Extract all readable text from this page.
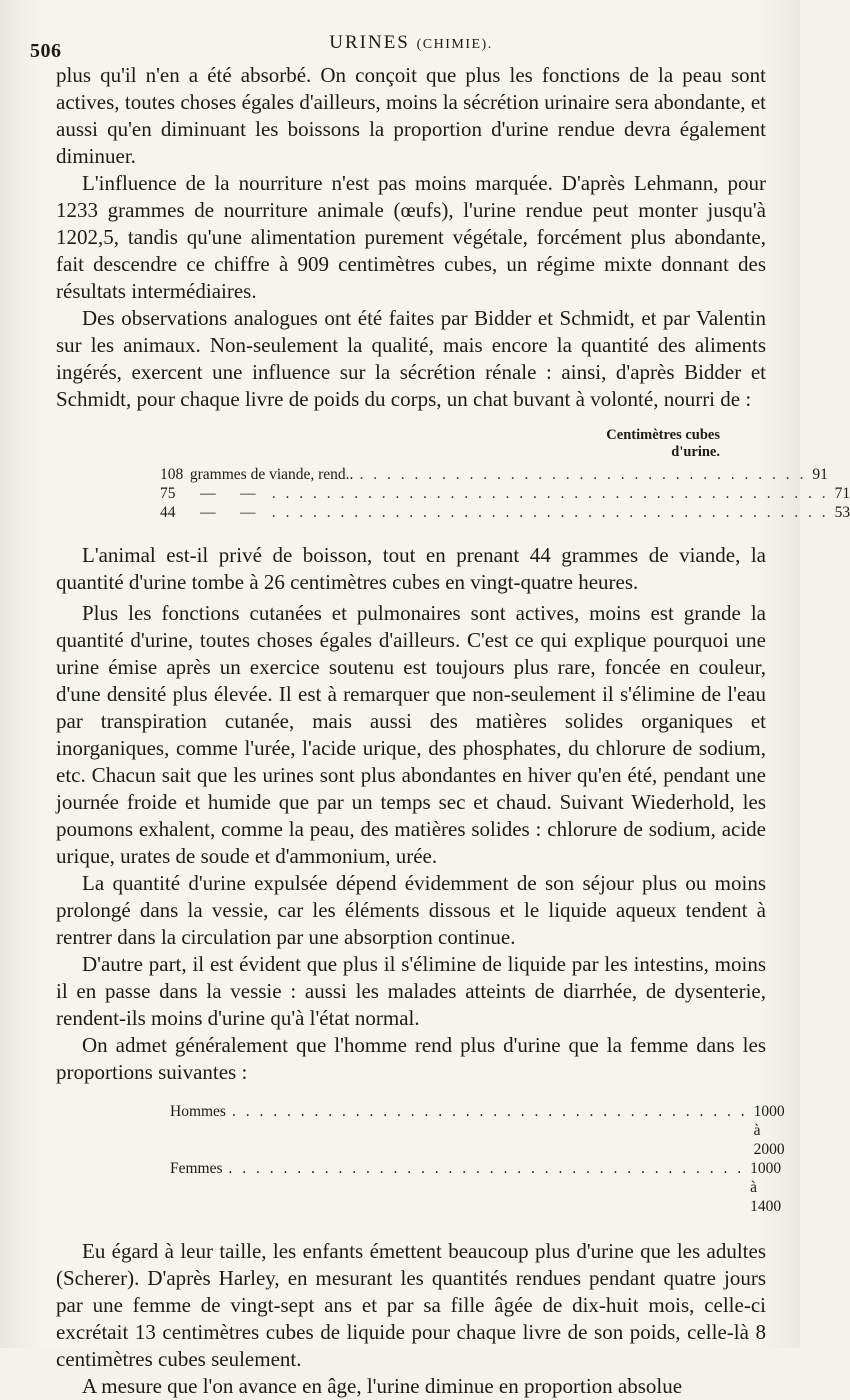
506	URINES (CHIMIE).

plus qu'il n'en a été absorbé. On conçoit que plus les fonctions de la peau sont actives, toutes choses égales d'ailleurs, moins la sécrétion urinaire sera abondante, et aussi qu'en diminuant les boissons la proportion d'urine rendue devra également diminuer.

L'influence de la nourriture n'est pas moins marquée. D'après Lehmann, pour 1233 grammes de nourriture animale (œufs), l'urine rendue peut monter jusqu'à 1202,5, tandis qu'une alimentation purement végétale, forcément plus abondante, fait descendre ce chiffre à 909 centimètres cubes, un régime mixte donnant des résultats intermédiaires.

Des observations analogues ont été faites par Bidder et Schmidt, et par Valentin sur les animaux. Non-seulement la qualité, mais encore la quantité des aliments ingérés, exercent une influence sur la sécrétion rénale : ainsi, d'après Bidder et Schmidt, pour chaque livre de poids du corps, un chat buvant à volonté, nourri de :

Centimètres cubes
d'urine.
108 grammes de viande, rend.. . . . . . . . . . . . . . . . . . . . . . . . . . . . . . . . . . 91
75 — —	. . . . . . . . . . . . . . . . . . . . . . . . . . . . . . . . . . . . . . . . . 71
44 — —	. . . . . . . . . . . . . . . . . . . . . . . . . . . . . . . . . . . . . . . . . 53

L'animal est-il privé de boisson, tout en prenant 44 grammes de viande, la quantité d'urine tombe à 26 centimètres cubes en vingt-quatre heures.

Plus les fonctions cutanées et pulmonaires sont actives, moins est grande la quantité d'urine, toutes choses égales d'ailleurs. C'est ce qui explique pourquoi une urine émise après un exercice soutenu est toujours plus rare, foncée en couleur, d'une densité plus élevée. Il est à remarquer que non-seulement il s'élimine de l'eau par transpiration cutanée, mais aussi des matières solides organiques et inorganiques, comme l'urée, l'acide urique, des phosphates, du chlorure de sodium, etc. Chacun sait que les urines sont plus abondantes en hiver qu'en été, pendant une journée froide et humide que par un temps sec et chaud. Suivant Wiederhold, les poumons exhalent, comme la peau, des matières solides : chlorure de sodium, acide urique, urates de soude et d'ammonium, urée.

La quantité d'urine expulsée dépend évidemment de son séjour plus ou moins prolongé dans la vessie, car les éléments dissous et le liquide aqueux tendent à rentrer dans la circulation par une absorption continue.

D'autre part, il est évident que plus il s'élimine de liquide par les intestins, moins il en passe dans la vessie : aussi les malades atteints de diarrhée, de dysenterie, rendent-ils moins d'urine qu'à l'état normal.

On admet généralement que l'homme rend plus d'urine que la femme dans les proportions suivantes :

Hommes . . . . . . . . . . . . . . . . . . . . . . . . . . . . . . . . . . . . . . 1000 à 2000
Femmes . . . . . . . . . . . . . . . . . . . . . . . . . . . . . . . . . . . . . . 1000 à 1400

Eu égard à leur taille, les enfants émettent beaucoup plus d'urine que les adultes (Scherer). D'après Harley, en mesurant les quantités rendues pendant quatre jours par une femme de vingt-sept ans et par sa fille âgée de dix-huit mois, celle-ci excrétait 13 centimètres cubes de liquide pour chaque livre de son poids, celle-là 8 centimètres cubes seulement.

A mesure que l'on avance en âge, l'urine diminue en proportion absolue
